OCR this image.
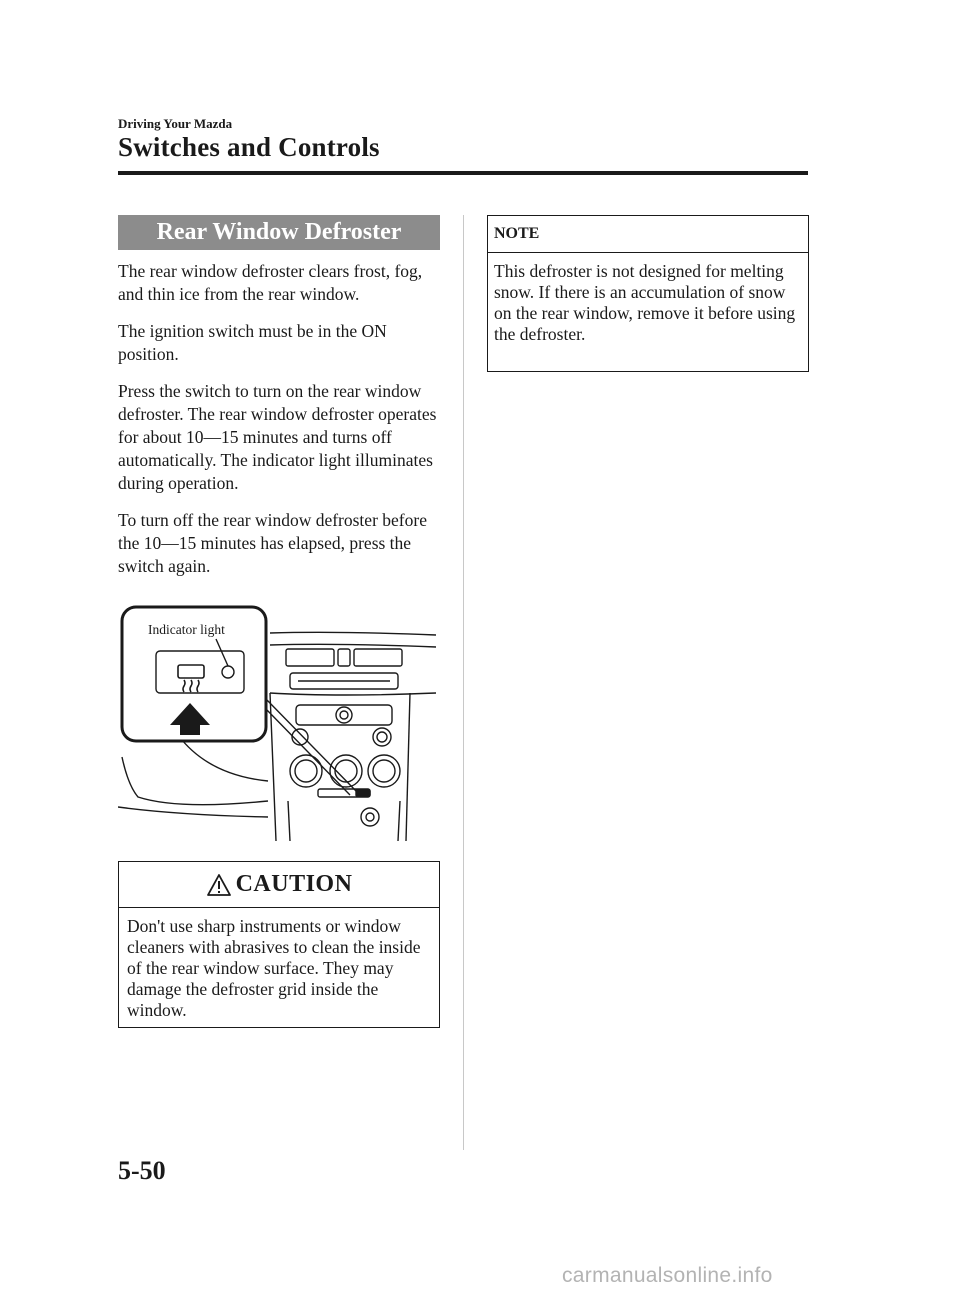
Driving Your Mazda
Switches and Controls
Rear Window Defroster

The rear window defroster clears frost, fog, and thin ice from the rear window.

The ignition switch must be in the ON position.

Press the switch to turn on the rear window defroster. The rear window defroster operates for about 10―15 minutes and turns off automatically. The indicator light illuminates during operation.

To turn off the rear window defroster before the 10―15 minutes has elapsed, press the switch again.

Indicator light
CAUTION
Don't use sharp instruments or window cleaners with abrasives to clean the inside of the rear window surface. They may damage the defroster grid inside the window.
NOTE
This defroster is not designed for melting snow. If there is an accumulation of snow on the rear window, remove it before using the defroster.
5-50
carmanualsonline.info
